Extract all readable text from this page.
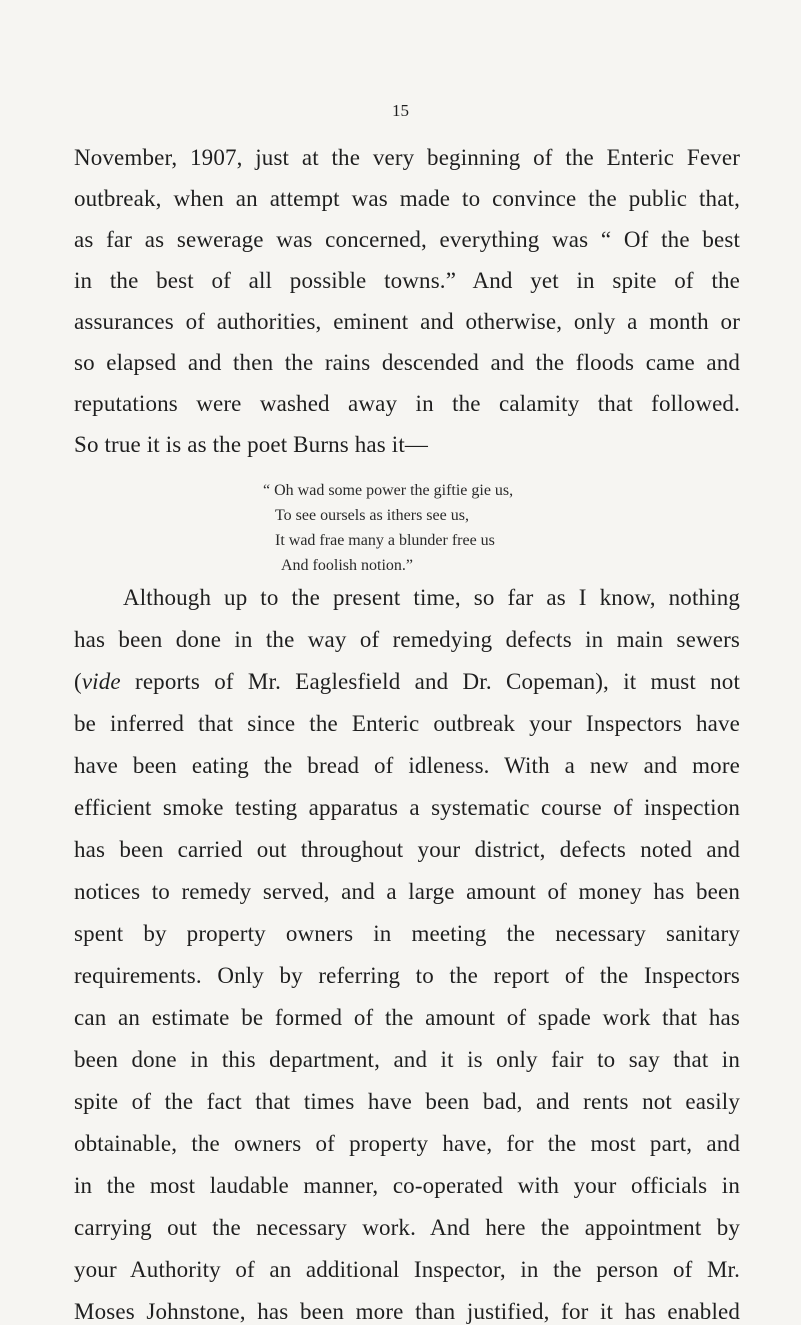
15
November, 1907, just at the very beginning of the Enteric Fever
outbreak, when an attempt was made to convince the public that,
as far as sewerage was concerned, everything was “ Of the best
in the best of all possible towns.” And yet in spite of the
assurances of authorities, eminent and otherwise, only a month or
so elapsed and then the rains descended and the floods came and
reputations were washed away in the calamity that followed.
So true it is as the poet Burns has it—
“ Oh wad some power the giftie gie us,
To see oursels as ithers see us,
It wad frae many a blunder free us
And foolish notion.”
Although up to the present time, so far as I know, nothing
has been done in the way of remedying defects in main sewers
(vide reports of Mr. Eaglesfield and Dr. Copeman), it must not
be inferred that since the Enteric outbreak your Inspectors have
have been eating the bread of idleness. With a new and more
efficient smoke testing apparatus a systematic course of inspection
has been carried out throughout your district, defects noted and
notices to remedy served, and a large amount of money has been
spent by property owners in meeting the necessary sanitary
requirements. Only by referring to the report of the Inspectors
can an estimate be formed of the amount of spade work that has
been done in this department, and it is only fair to say that in
spite of the fact that times have been bad, and rents not easily
obtainable, the owners of property have, for the most part, and
in the most laudable manner, co-operated with your officials in
carrying out the necessary work. And here the appointment by
your Authority of an additional Inspector, in the person of Mr.
Moses Johnstone, has been more than justified, for it has enabled
